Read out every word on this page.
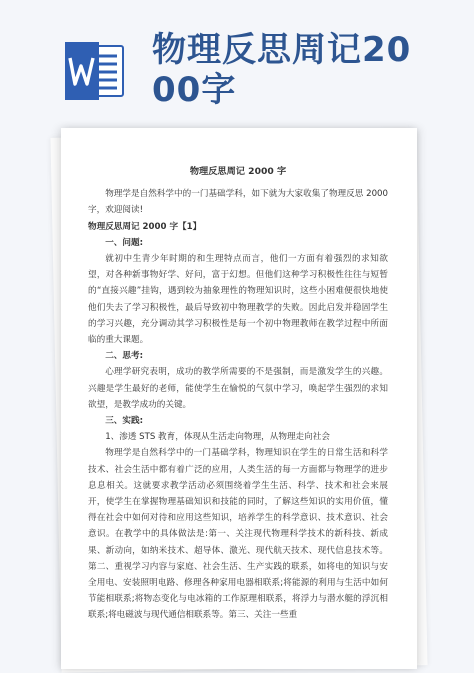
物理反思周记20
00字
物理反思周记 2000 字
物理学是自然科学中的一门基础学科，如下就为大家收集了物理反思 2000 字，欢迎阅读!
物理反思周记 2000 字【1】
一、问题:
就初中生青少年时期的和生理特点而言，他们一方面有着强烈的求知欲望，对各种新事物好学、好问，富于幻想。但他们这种学习积极性往往与短暂的“直接兴趣”挂钩，遇到较为抽象理性的物理知识时，这些小困难便很快地使他们失去了学习积极性，最后导致初中物理教学的失败。因此启发并稳固学生的学习兴趣，充分调动其学习积极性是每一个初中物理教师在教学过程中所面临的重大课题。
二、思考:
心理学研究表明，成功的教学所需要的不是强制，而是激发学生的兴趣。兴趣是学生最好的老师，能使学生在愉悦的气氛中学习，唤起学生强烈的求知欲望，是教学成功的关键。
三、实践:
1、渗透 STS 教育，体现从生活走向物理，从物理走向社会
物理学是自然科学中的一门基础学科，物理知识在学生的日常生活和科学技术、社会生活中都有着广泛的应用，人类生活的每一方面都与物理学的进步息息相关。这就要求教学活动必须围绕着学生生活、科学、技术和社会来展开，使学生在掌握物理基础知识和技能的同时，了解这些知识的实用价值，懂得在社会中如何对待和应用这些知识，培养学生的科学意识、技术意识、社会意识。在教学中的具体做法是:第一、关注现代物理科学技术的新科技、新成果、新动向，如纳米技术、超导体、激光、现代航天技术、现代信息技术等。第二、重视学习内容与家庭、社会生活、生产实践的联系，如将电的知识与安全用电、安装照明电路、修理各种家用电器相联系;将能源的利用与生活中如何节能相联系;将物态变化与电冰箱的工作原理相联系，将浮力与潜水艇的浮沉相联系;将电磁波与现代通信相联系等。第三、关注一些重
